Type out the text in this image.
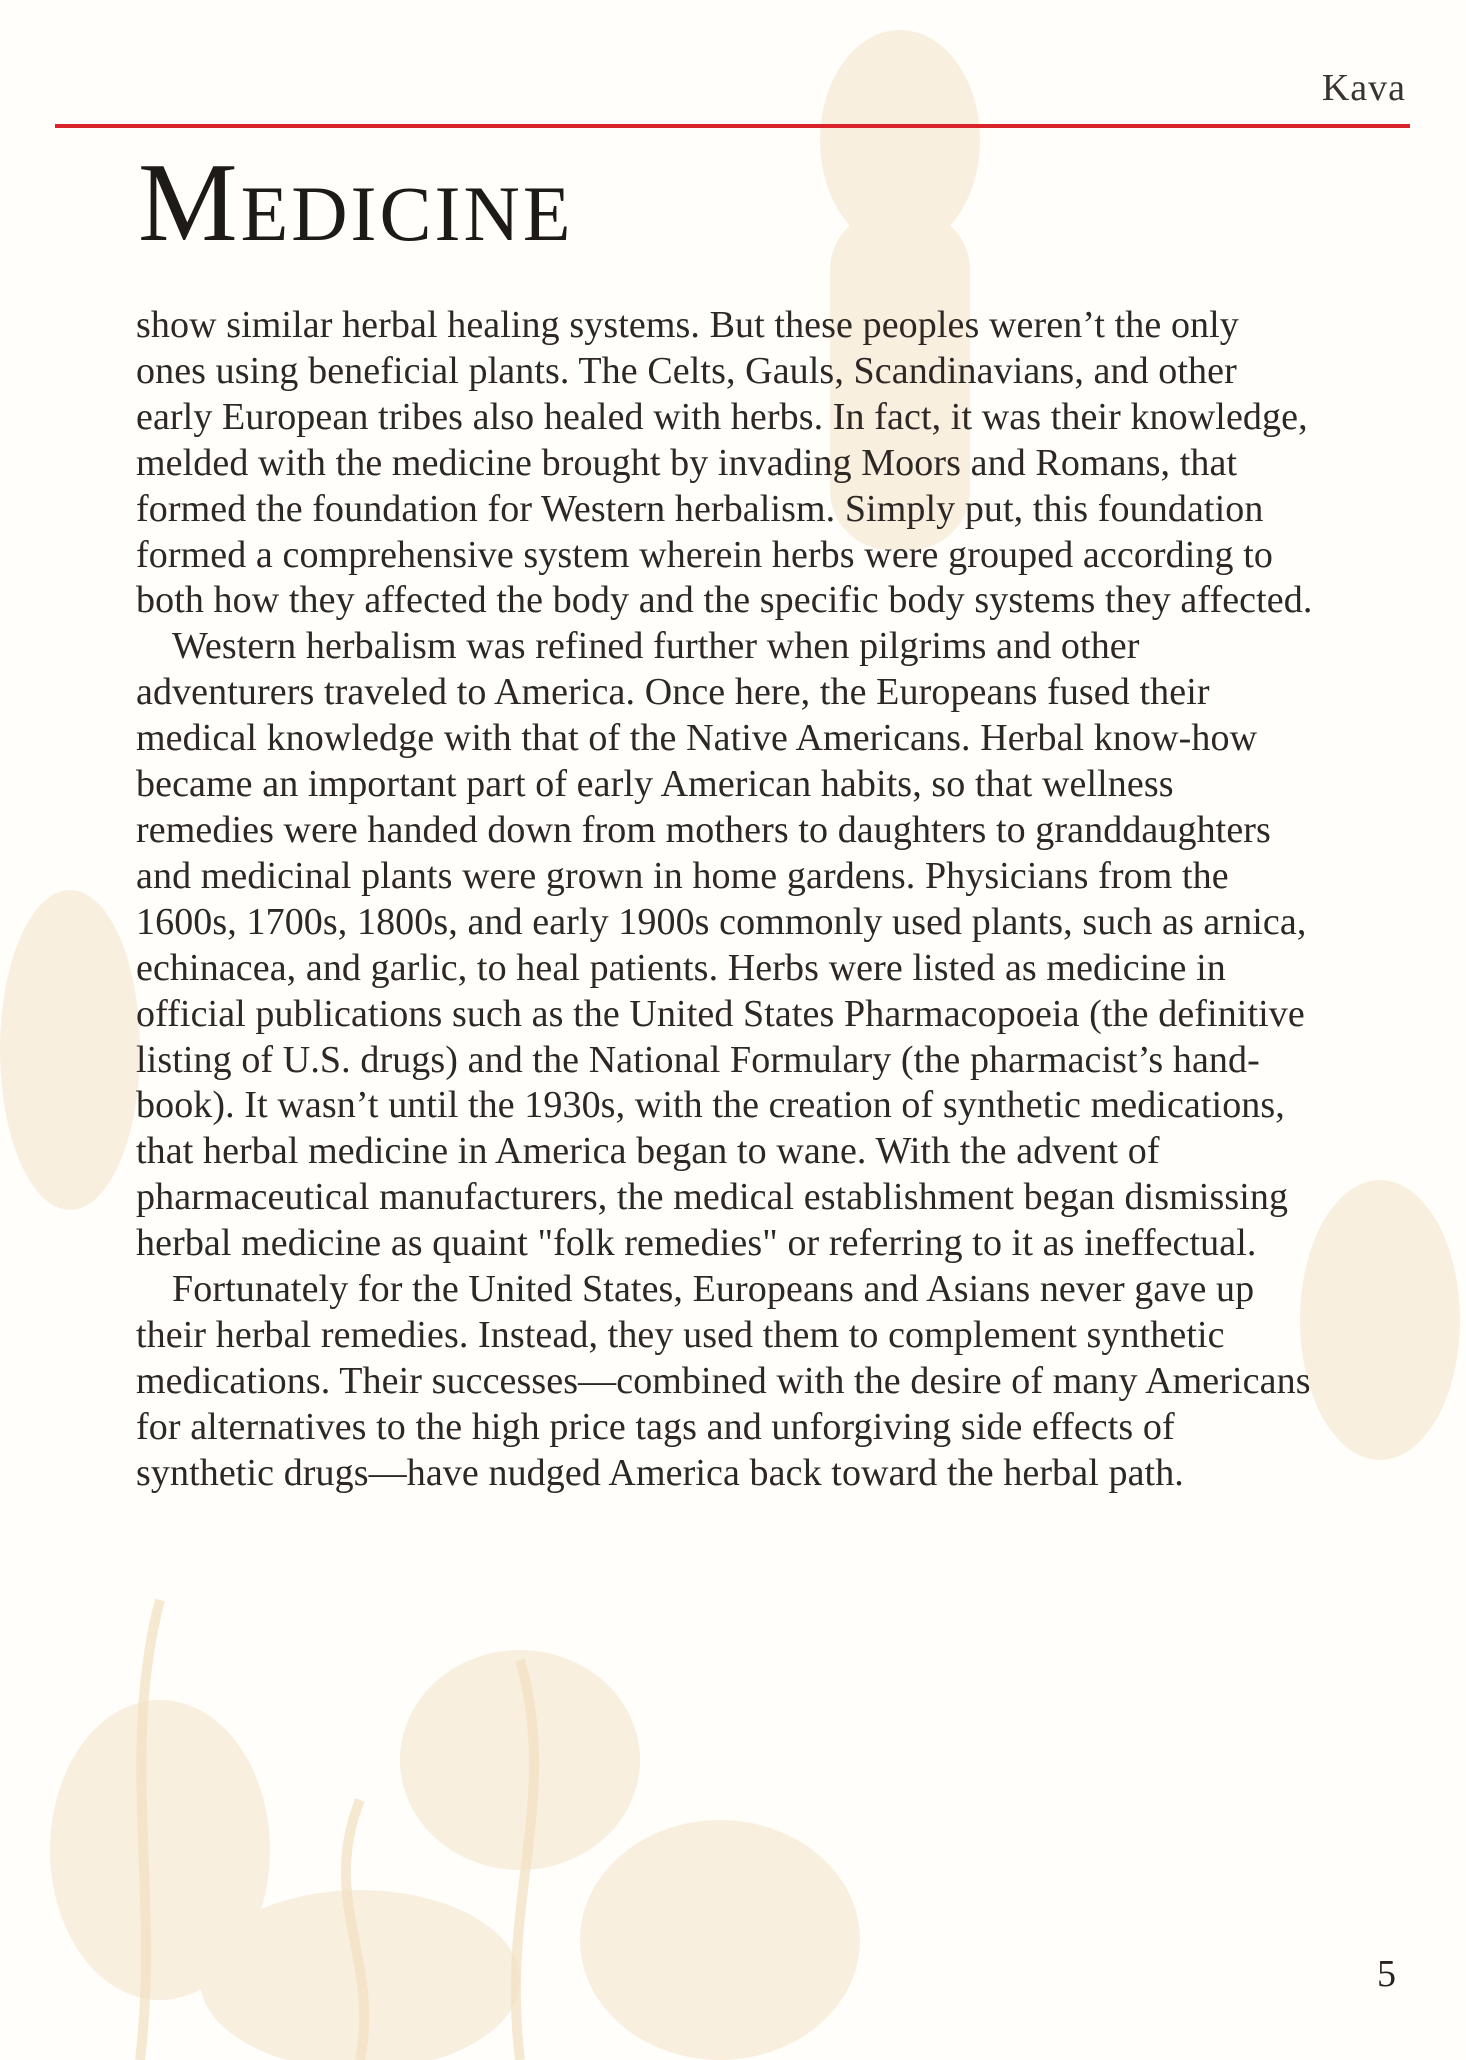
Kava
Medicine

show similar herbal healing systems. But these peoples weren’t the only ones using beneficial plants. The Celts, Gauls, Scandinavians, and other early European tribes also healed with herbs. In fact, it was their knowledge, melded with the medicine brought by invading Moors and Romans, that formed the foundation for Western herbalism. Simply put, this foundation formed a comprehensive system wherein herbs were grouped according to both how they affected the body and the specific body systems they affected.

Western herbalism was refined further when pilgrims and other adventurers traveled to America. Once here, the Europeans fused their medical knowledge with that of the Native Americans. Herbal know-how became an important part of early American habits, so that wellness remedies were handed down from mothers to daughters to granddaughters and medicinal plants were grown in home gardens. Physicians from the 1600s, 1700s, 1800s, and early 1900s commonly used plants, such as arnica, echinacea, and garlic, to heal patients. Herbs were listed as medicine in official publications such as the United States Pharmacopoeia (the definitive listing of U.S. drugs) and the National Formulary (the pharmacist’s hand-book). It wasn’t until the 1930s, with the creation of synthetic medications, that herbal medicine in America began to wane. With the advent of pharmaceutical manufacturers, the medical establishment began dismissing herbal medicine as quaint "folk remedies" or referring to it as ineffectual.

Fortunately for the United States, Europeans and Asians never gave up their herbal remedies. Instead, they used them to complement synthetic medications. Their successes—combined with the desire of many Americans for alternatives to the high price tags and unforgiving side effects of synthetic drugs—have nudged America back toward the herbal path.

5
